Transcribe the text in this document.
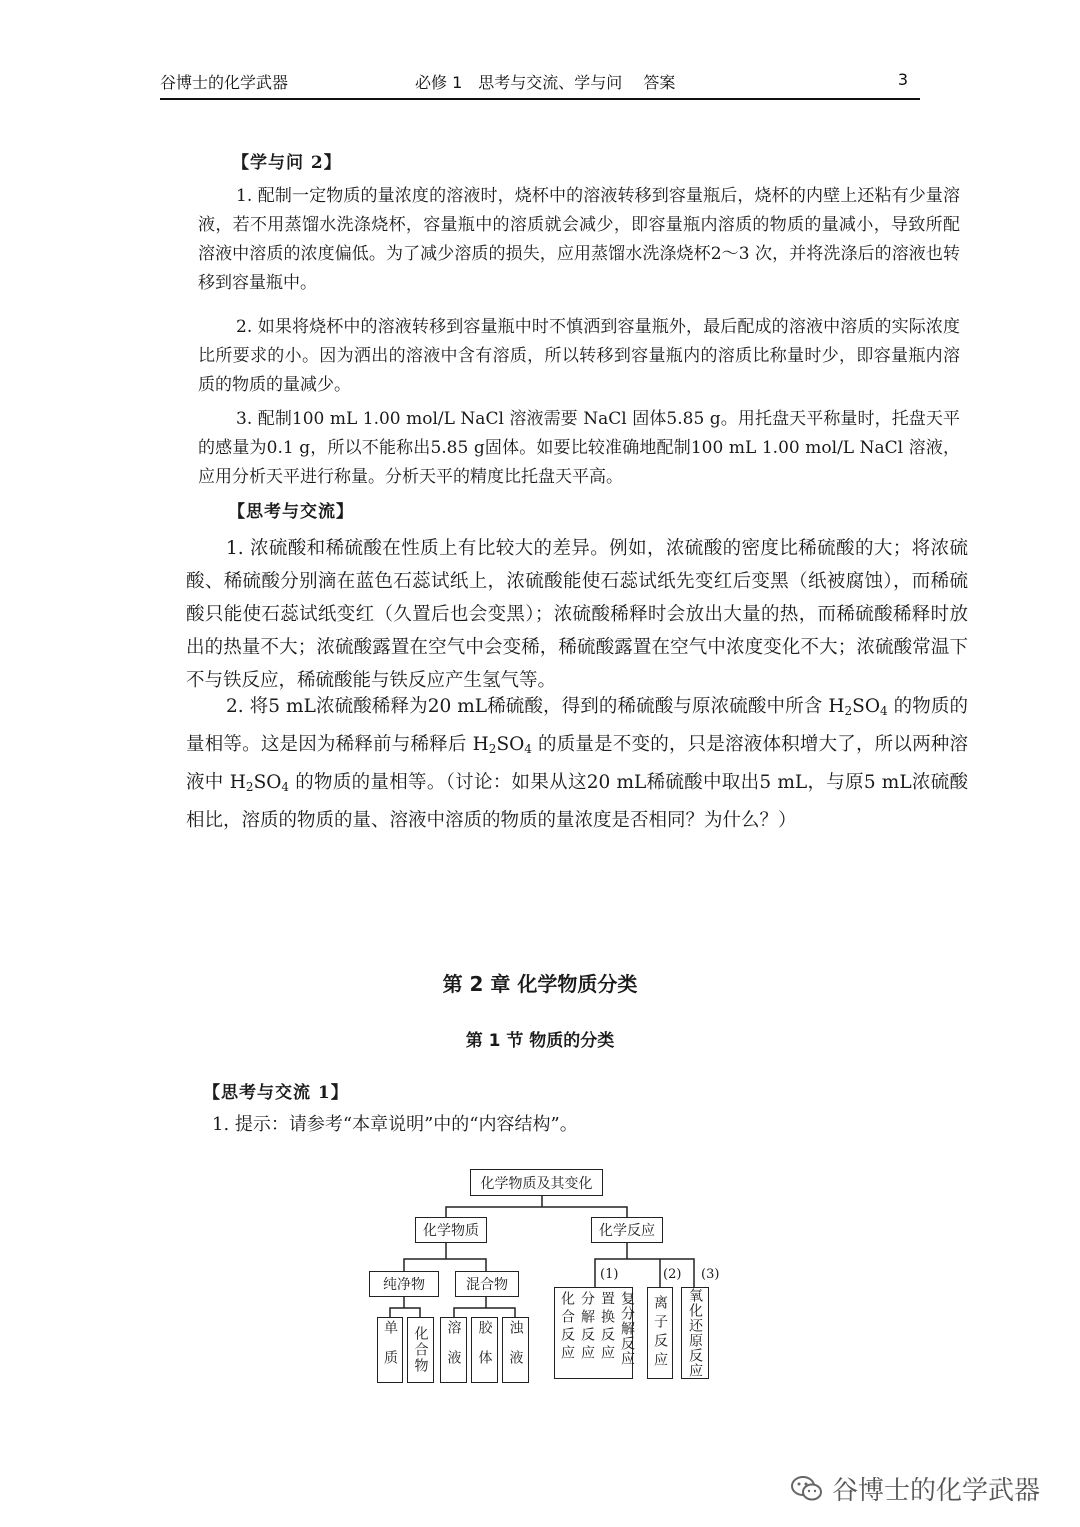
谷博士的化学武器	必修 1　思考与交流、学与问　 答案	3
【学与问 2】
1. 配制一定物质的量浓度的溶液时，烧杯中的溶液转移到容量瓶后，烧杯的内壁上还粘有少量溶液，若不用蒸馏水洗涤烧杯，容量瓶中的溶质就会减少，即容量瓶内溶质的物质的量减小，导致所配溶液中溶质的浓度偏低。为了减少溶质的损失，应用蒸馏水洗涤烧杯2～3 次，并将洗涤后的溶液也转移到容量瓶中。
2. 如果将烧杯中的溶液转移到容量瓶中时不慎洒到容量瓶外，最后配成的溶液中溶质的实际浓度比所要求的小。因为洒出的溶液中含有溶质，所以转移到容量瓶内的溶质比称量时少，即容量瓶内溶质的物质的量减少。
3. 配制100 mL 1.00 mol/L NaCl 溶液需要 NaCl 固体5.85 g。用托盘天平称量时，托盘天平的感量为0.1 g，所以不能称出5.85 g固体。如要比较准确地配制100 mL 1.00 mol/L NaCl 溶液，应用分析天平进行称量。分析天平的精度比托盘天平高。
【思考与交流】
1. 浓硫酸和稀硫酸在性质上有比较大的差异。例如，浓硫酸的密度比稀硫酸的大；将浓硫酸、稀硫酸分别滴在蓝色石蕊试纸上，浓硫酸能使石蕊试纸先变红后变黑（纸被腐蚀），而稀硫酸只能使石蕊试纸变红（久置后也会变黑）；浓硫酸稀释时会放出大量的热，而稀硫酸稀释时放出的热量不大；浓硫酸露置在空气中会变稀，稀硫酸露置在空气中浓度变化不大；浓硫酸常温下不与铁反应，稀硫酸能与铁反应产生氢气等。
2. 将5 mL浓硫酸稀释为20 mL稀硫酸，得到的稀硫酸与原浓硫酸中所含 $H_2SO_4$ 的物质的量相等。这是因为稀释前与稀释后 $H_2SO_4$ 的质量是不变的，只是溶液体积增大了，所以两种溶液中 $H_2SO_4$ 的物质的量相等。（讨论：如果从这20 mL稀硫酸中取出5 mL，与原5 mL浓硫酸相比，溶质的物质的量、溶液中溶质的物质的量浓度是否相同？为什么？）
第 2 章 化学物质分类
第 1 节 物质的分类
【思考与交流 1】
1. 提示：请参考“本章说明”中的“内容结构”。
化学物质及其变化
化学物质	化学反应
纯净物	混合物
单质	化合物	溶液	胶体	浊液
(1)	(2) (3)
化合反应 分解反应 置换反应 复分解反应	离子反应	氧化还原反应
谷博士的化学武器
